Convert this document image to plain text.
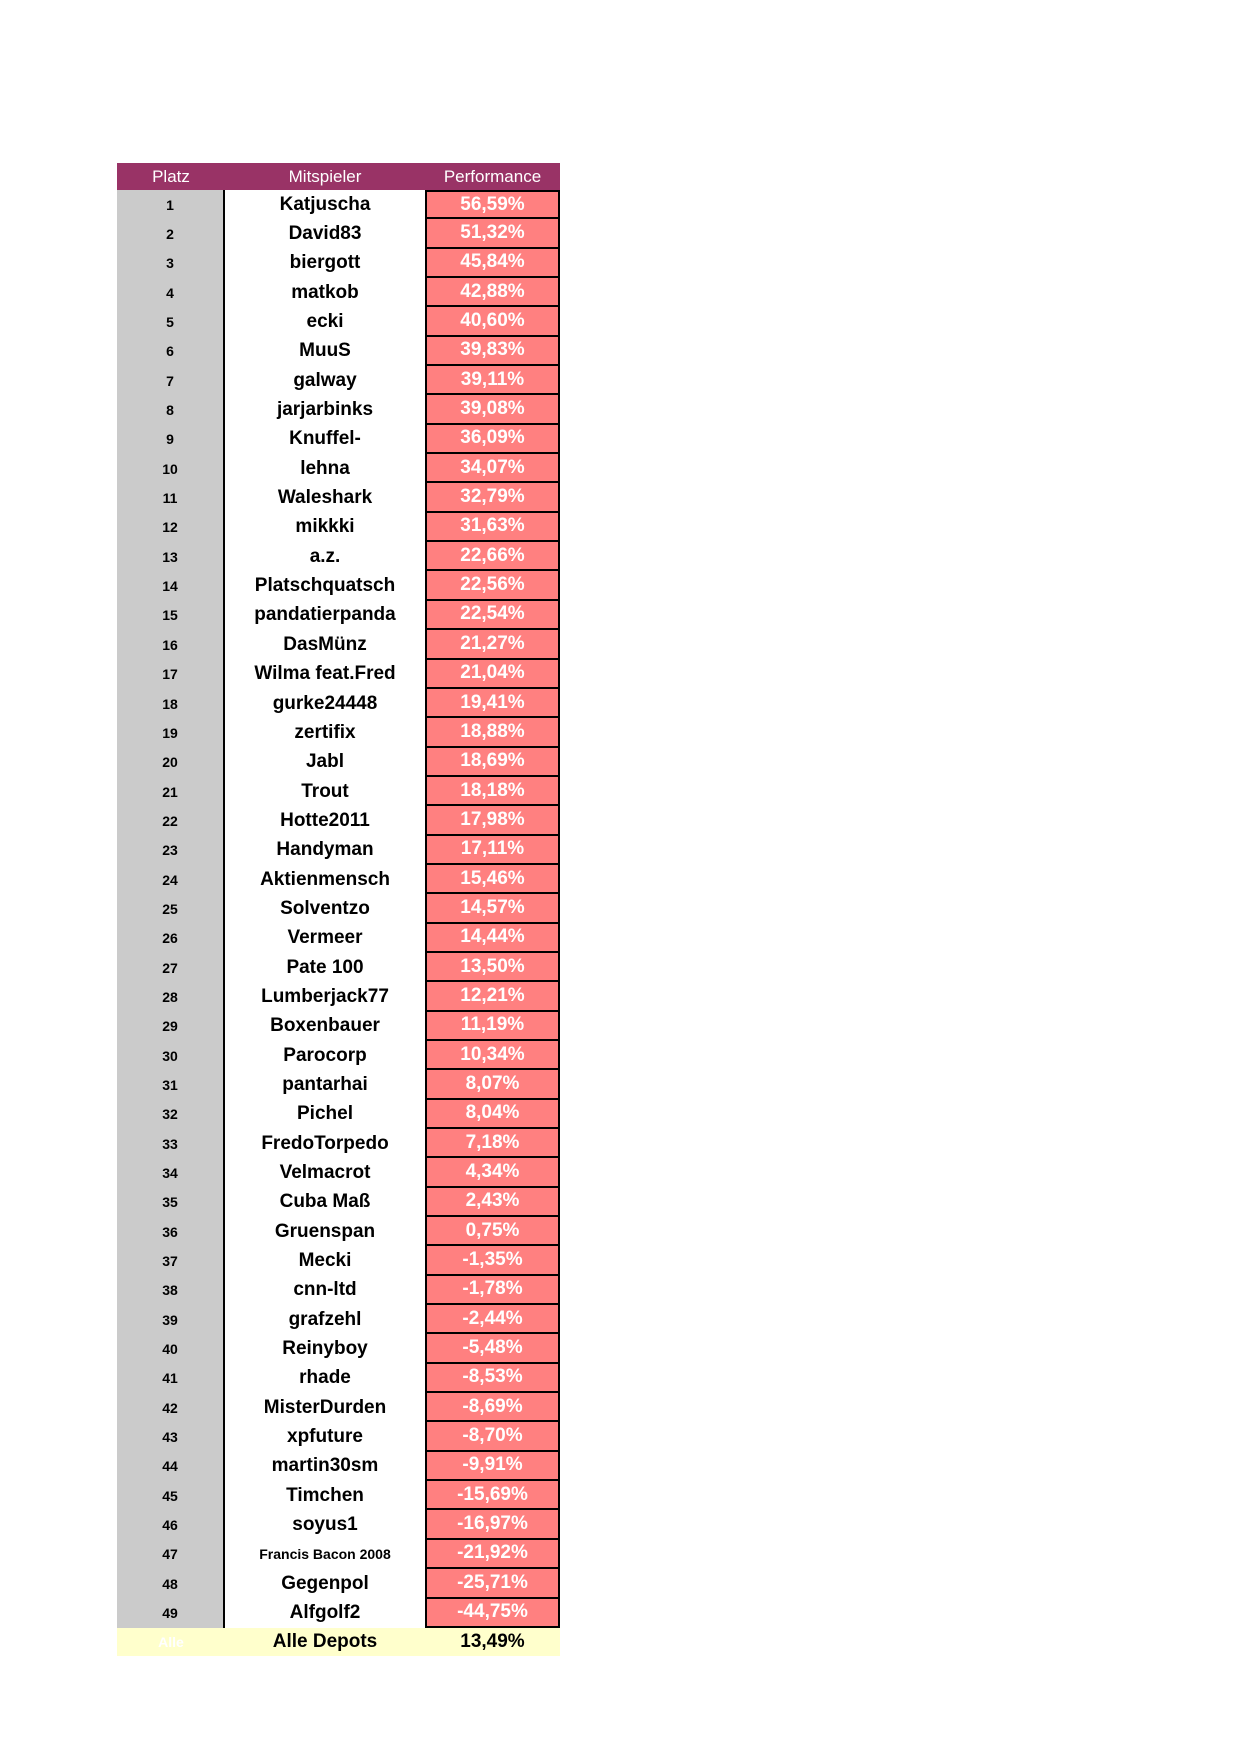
Platz	Mitspieler	Performance
1	Katjuscha	56,59%
2	David83	51,32%
3	biergott	45,84%
4	matkob	42,88%
5	ecki	40,60%
6	MuuS	39,83%
7	galway	39,11%
8	jarjarbinks	39,08%
9	Knuffel-	36,09%
10	lehna	34,07%
11	Waleshark	32,79%
12	mikkki	31,63%
13	a.z.	22,66%
14	Platschquatsch	22,56%
15	pandatierpanda	22,54%
16	DasMünz	21,27%
17	Wilma feat.Fred	21,04%
18	gurke24448	19,41%
19	zertifix	18,88%
20	Jabl	18,69%
21	Trout	18,18%
22	Hotte2011	17,98%
23	Handyman	17,11%
24	Aktienmensch	15,46%
25	Solventzo	14,57%
26	Vermeer	14,44%
27	Pate 100	13,50%
28	Lumberjack77	12,21%
29	Boxenbauer	11,19%
30	Parocorp	10,34%
31	pantarhai	8,07%
32	Pichel	8,04%
33	FredoTorpedo	7,18%
34	Velmacrot	4,34%
35	Cuba Maß	2,43%
36	Gruenspan	0,75%
37	Mecki	-1,35%
38	cnn-ltd	-1,78%
39	grafzehl	-2,44%
40	Reinyboy	-5,48%
41	rhade	-8,53%
42	MisterDurden	-8,69%
43	xpfuture	-8,70%
44	martin30sm	-9,91%
45	Timchen	-15,69%
46	soyus1	-16,97%
47	Francis Bacon 2008	-21,92%
48	Gegenpol	-25,71%
49	Alfgolf2	-44,75%
Alle	Alle Depots	13,49%
